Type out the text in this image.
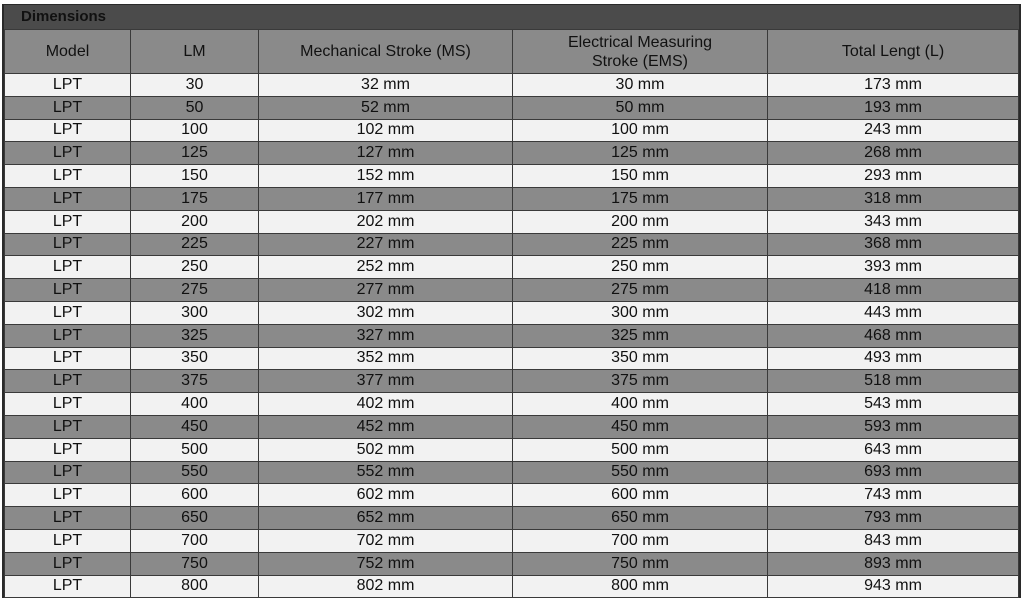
Dimensions
Model	LM	Mechanical Stroke (MS)	Electrical Measuring Stroke (EMS)	Total Lengt (L)
LPT	30	32 mm	30 mm	173 mm
LPT	50	52 mm	50 mm	193 mm
LPT	100	102 mm	100 mm	243 mm
LPT	125	127 mm	125 mm	268 mm
LPT	150	152 mm	150 mm	293 mm
LPT	175	177 mm	175 mm	318 mm
LPT	200	202 mm	200 mm	343 mm
LPT	225	227 mm	225 mm	368 mm
LPT	250	252 mm	250 mm	393 mm
LPT	275	277 mm	275 mm	418 mm
LPT	300	302 mm	300 mm	443 mm
LPT	325	327 mm	325 mm	468 mm
LPT	350	352 mm	350 mm	493 mm
LPT	375	377 mm	375 mm	518 mm
LPT	400	402 mm	400 mm	543 mm
LPT	450	452 mm	450 mm	593 mm
LPT	500	502 mm	500 mm	643 mm
LPT	550	552 mm	550 mm	693 mm
LPT	600	602 mm	600 mm	743 mm
LPT	650	652 mm	650 mm	793 mm
LPT	700	702 mm	700 mm	843 mm
LPT	750	752 mm	750 mm	893 mm
LPT	800	802 mm	800 mm	943 mm
